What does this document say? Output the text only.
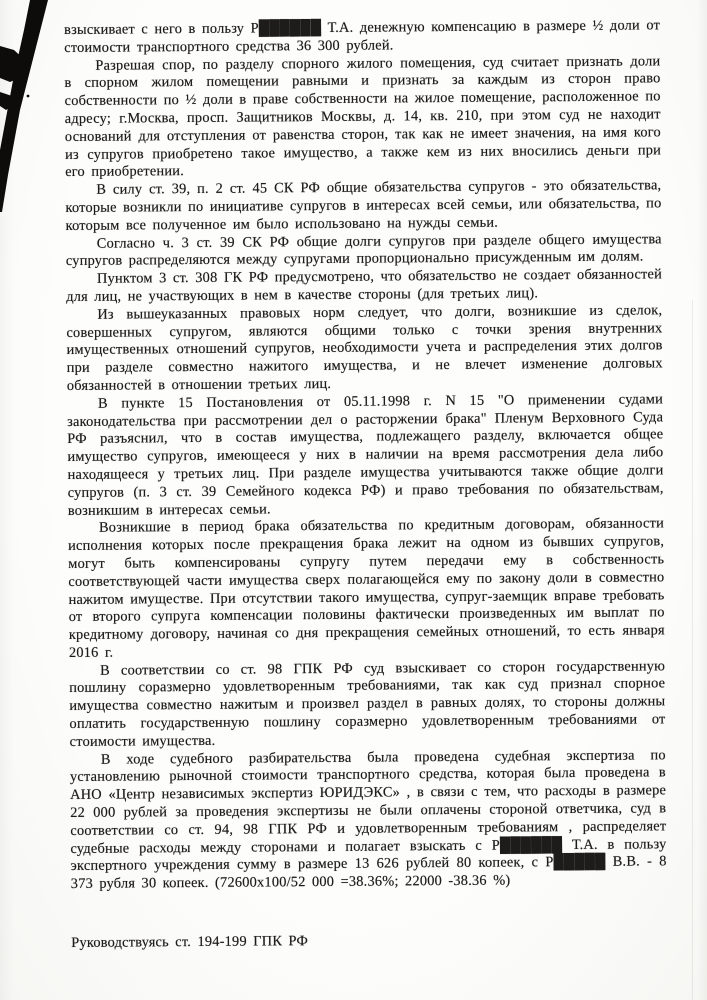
взыскивает с него в пользу Р██████ Т.А. денежную компенсацию в размере ½ доли от стоимости транспортного средства 36 300 рублей.

Разрешая спор, по разделу спорного жилого помещения, суд считает признать доли в спорном жилом помещении равными и признать за каждым из сторон право собственности по ½ доли в праве собственности на жилое помещение, расположенное по адресу; г.Москва, просп. Защитников Москвы, д. 14, кв. 210, при этом суд не находит оснований для отступления от равенства сторон, так как не имеет значения, на имя кого из супругов приобретено такое имущество, а также кем из них вносились деньги при его приобретении.

В силу ст. 39, п. 2 ст. 45 СК РФ общие обязательства супругов - это обязательства, которые возникли по инициативе супругов в интересах всей семьи, или обязательства, по которым все полученное им было использовано на нужды семьи.

Согласно ч. 3 ст. 39 СК РФ общие долги супругов при разделе общего имущества супругов распределяются между супругами пропорционально присужденным им долям.

Пунктом 3 ст. 308 ГК РФ предусмотрено, что обязательство не создает обязанностей для лиц, не участвующих в нем в качестве стороны (для третьих лиц).

Из вышеуказанных правовых норм следует, что долги, возникшие из сделок, совершенных супругом, являются общими только с точки зрения внутренних имущественных отношений супругов, необходимости учета и распределения этих долгов при разделе совместно нажитого имущества, и не влечет изменение долговых обязанностей в отношении третьих лиц.

В пункте 15 Постановления от 05.11.1998 г. N 15 "О применении судами законодательства при рассмотрении дел о расторжении брака" Пленум Верховного Суда РФ разъяснил, что в состав имущества, подлежащего разделу, включается общее имущество супругов, имеющееся у них в наличии на время рассмотрения дела либо находящееся у третьих лиц. При разделе имущества учитываются также общие долги супругов (п. 3 ст. 39 Семейного кодекса РФ) и право требования по обязательствам, возникшим в интересах семьи.

Возникшие в период брака обязательства по кредитным договорам, обязанности исполнения которых после прекращения брака лежит на одном из бывших супругов, могут быть компенсированы супругу путем передачи ему в собственность соответствующей части имущества сверх полагающейся ему по закону доли в совместно нажитом имуществе. При отсутствии такого имущества, супруг-заемщик вправе требовать от второго супруга компенсации половины фактически произведенных им выплат по кредитному договору, начиная со дня прекращения семейных отношений, то есть января 2016 г.

В соответствии со ст. 98 ГПК РФ суд взыскивает со сторон государственную пошлину соразмерно удовлетворенным требованиями, так как суд признал спорное имущества совместно нажитым и произвел раздел в равных долях, то стороны должны оплатить государственную пошлину соразмерно удовлетворенным требованиями от стоимости имущества.

В ходе судебного разбирательства была проведена судебная экспертиза по установлению рыночной стоимости транспортного средства, которая была проведена в АНО «Центр независимых экспертиз ЮРИДЭКС» , в связи с тем, что расходы в размере 22 000 рублей за проведения экспертизы не были оплачены стороной ответчика, суд в соответствии со ст. 94, 98 ГПК РФ и удовлетворенным требованиям , распределяет судебные расходы между сторонами и полагает взыскать с Р██████ Т.А. в пользу экспертного учреждения сумму в размере 13 626 рублей 80 копеек, с Р█████ В.В. - 8 373 рубля 30 копеек. (72600х100/52 000 =38.36%; 22000 -38.36 %)

Руководствуясь ст. 194-199 ГПК РФ
